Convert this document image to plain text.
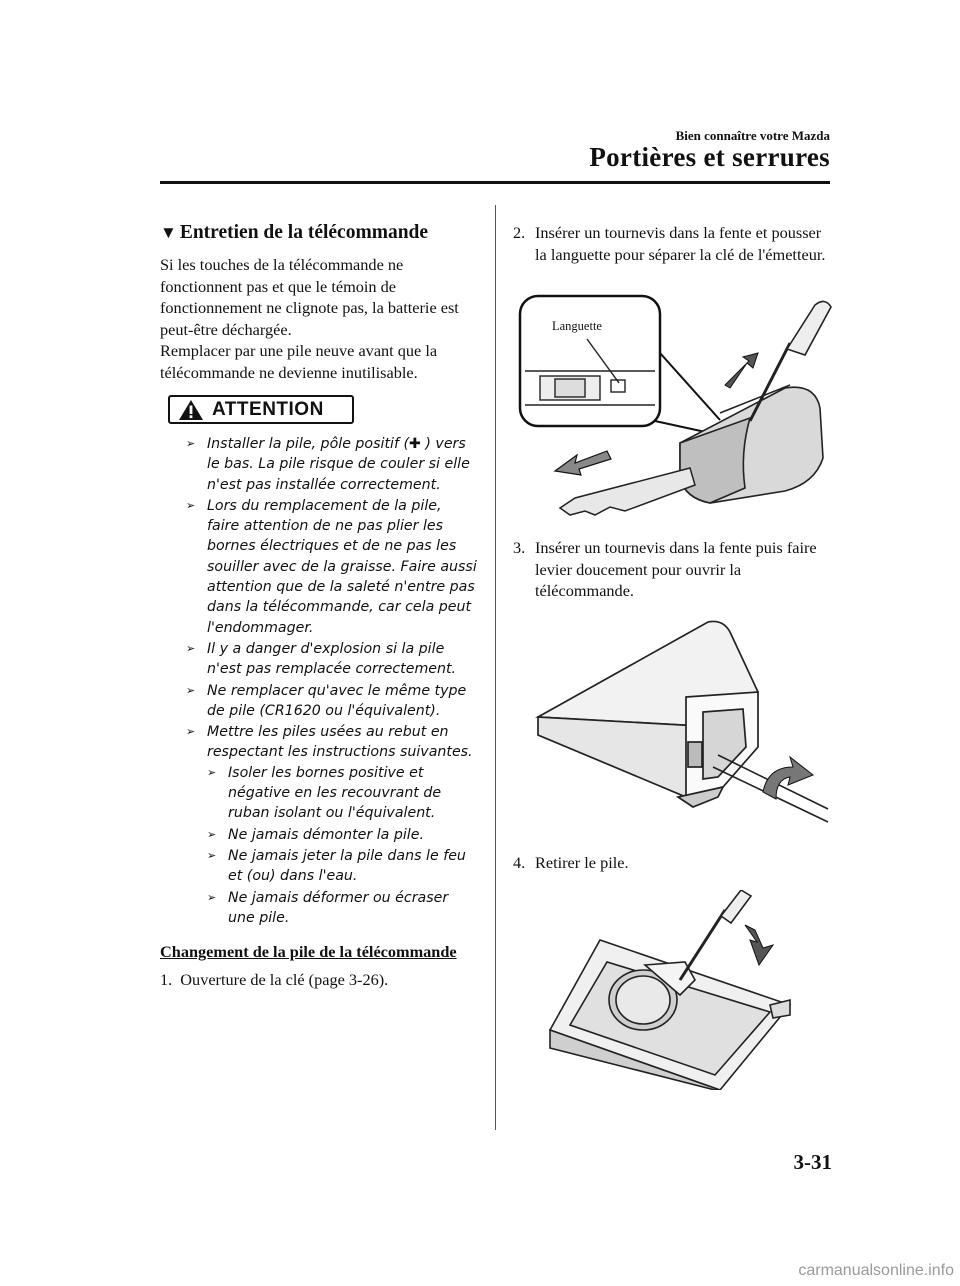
Bien connaître votre Mazda
Portières et serrures
▼ Entretien de la télécommande

Si les touches de la télécommande ne fonctionnent pas et que le témoin de fonctionnement ne clignote pas, la batterie est peut-être déchargée.

Remplacer par une pile neuve avant que la télécommande ne devienne inutilisable.

ATTENTION
➢ Installer la pile, pôle positif (✚ ) vers le bas. La pile risque de couler si elle n'est pas installée correctement.
➢ Lors du remplacement de la pile, faire attention de ne pas plier les bornes électriques et de ne pas les souiller avec de la graisse. Faire aussi attention que de la saleté n'entre pas dans la télécommande, car cela peut l'endommager.
➢ Il y a danger d'explosion si la pile n'est pas remplacée correctement.
➢ Ne remplacer qu'avec le même type de pile (CR1620 ou l'équivalent).
➢ Mettre les piles usées au rebut en respectant les instructions suivantes.
➢ Isoler les bornes positive et négative en les recouvrant de ruban isolant ou l'équivalent.
➢ Ne jamais démonter la pile.
➢ Ne jamais jeter la pile dans le feu et (ou) dans l'eau.
➢ Ne jamais déformer ou écraser une pile.
Changement de la pile de la télécommande
1. Ouverture de la clé (page 3-26).
2. Insérer un tournevis dans la fente et pousser la languette pour séparer la clé de l'émetteur.
Languette
3. Insérer un tournevis dans la fente puis faire levier doucement pour ouvrir la télécommande.
4. Retirer le pile.
3-31
carmanualsonline.info
